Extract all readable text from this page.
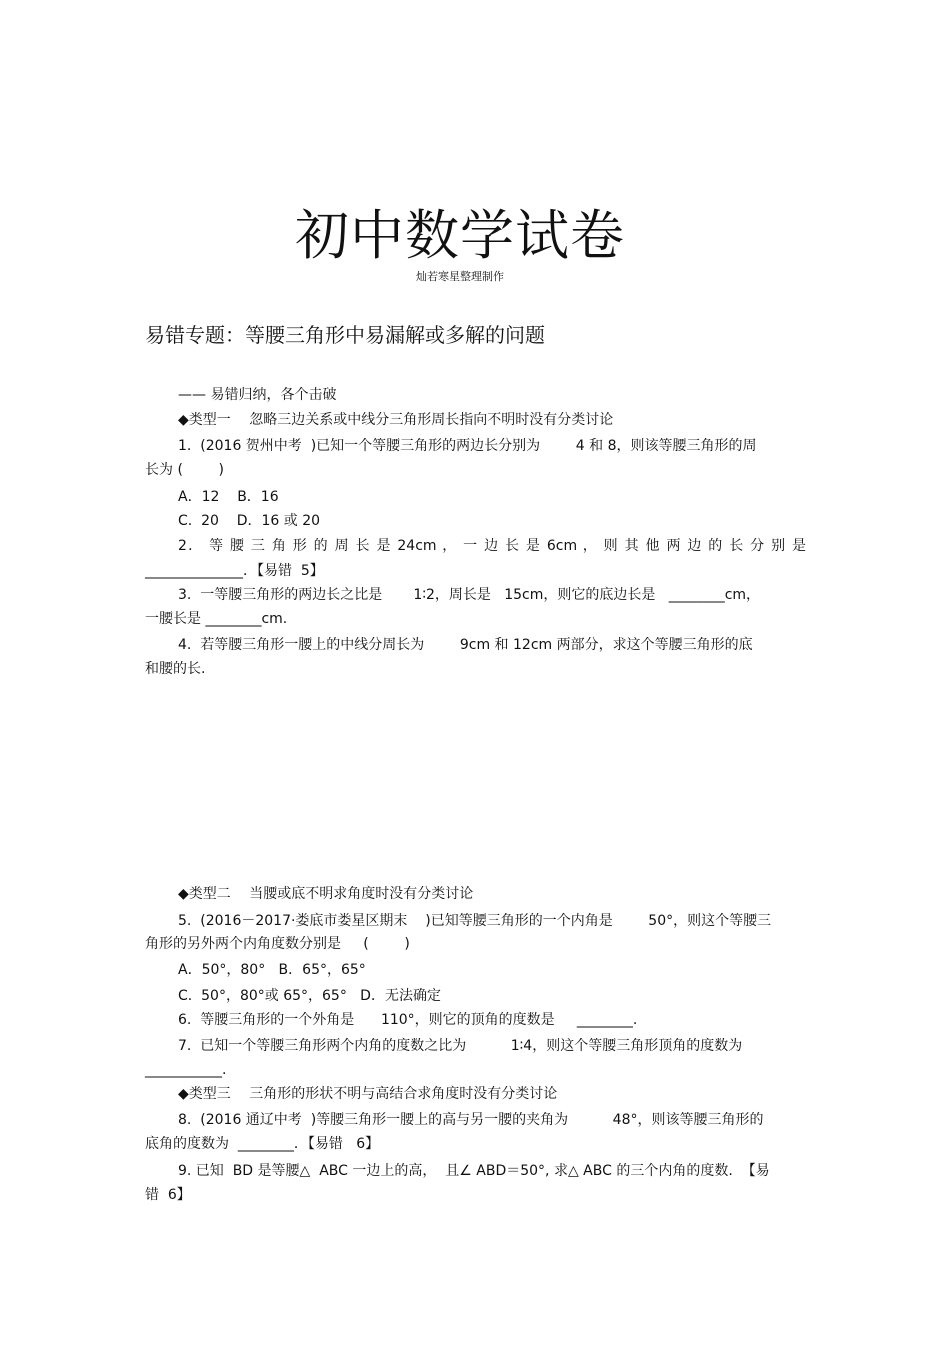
初中数学试卷
灿若寒星整理制作
易错专题：等腰三角形中易漏解或多解的问题
—— 易错归纳，各个击破
◆类型一　 忽略三边关系或中线分三角形周长指向不明时没有分类讨论
1.  (2016 贺州中考  )已知一个等腰三角形的两边长分别为        4 和 8，则该等腰三角形的周
长为 (        )
A．12    B．16
C.  20    D．16 或 20
2． 等 腰 三 角 形 的 周 长 是 24cm ， 一 边 长 是 6cm ， 则 其 他 两 边 的 长 分 别 是
______________．【易错  5】
3.  一等腰三角形的两边长之比是       1∶2，周长是   15cm，则它的底边长是   ________cm，
一腰长是 ________cm.
4.  若等腰三角形一腰上的中线分周长为        9cm 和 12cm 两部分，求这个等腰三角形的底
和腰的长.
◆类型二　 当腰或底不明求角度时没有分类讨论
5.  (2016－2017·娄底市娄星区期末    )已知等腰三角形的一个内角是        50°，则这个等腰三
角形的另外两个内角度数分别是     (        )
A．50°，80°   B．65°，65°
C.  50°，80°或 65°，65°   D．无法确定
6.  等腰三角形的一个外角是      110°，则它的顶角的度数是     ________.
7.  已知一个等腰三角形两个内角的度数之比为          1∶4，则这个等腰三角形顶角的度数为
___________.
◆类型三　 三角形的形状不明与高结合求角度时没有分类讨论
8.  (2016 通辽中考  )等腰三角形一腰上的高与另一腰的夹角为          48°，则该等腰三角形的
底角的度数为  ________．【易错   6】
9. 已知  BD 是等腰△  ABC 一边上的高，  且∠ ABD＝50°, 求△ ABC 的三个内角的度数.  【易
错  6】
